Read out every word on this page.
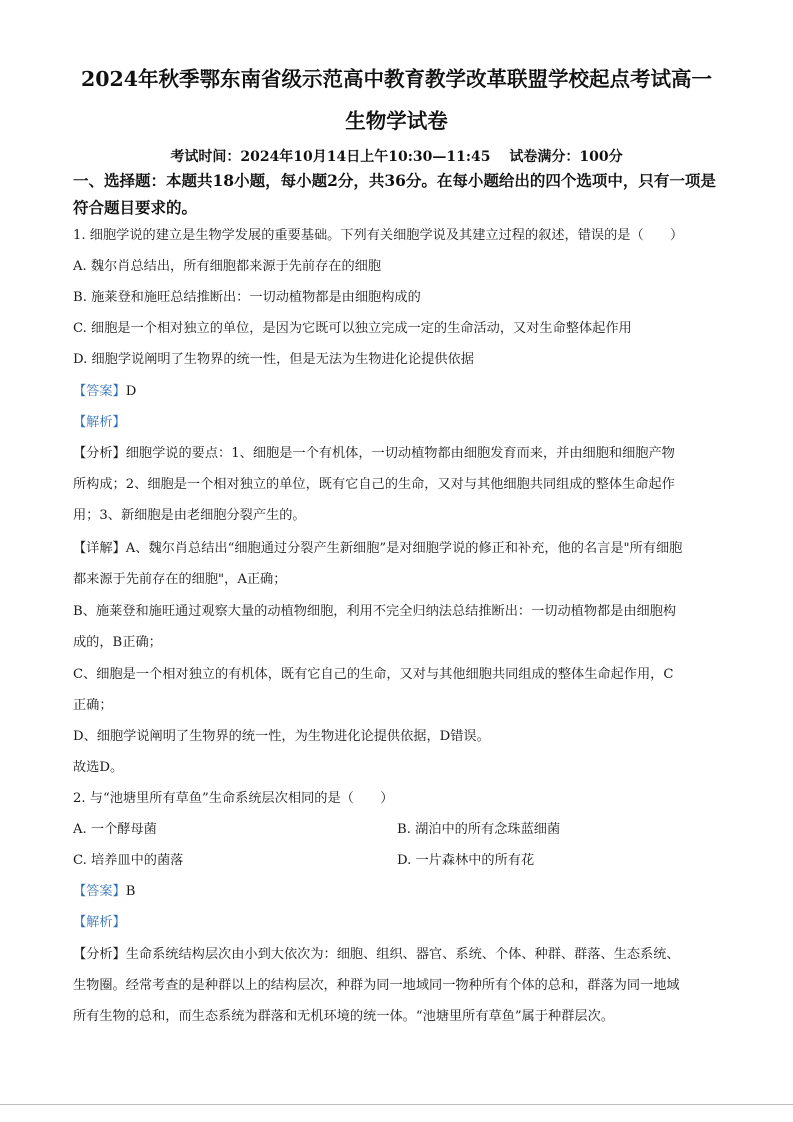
2024年秋季鄂东南省级示范高中教育教学改革联盟学校起点考试高一
生物学试卷
考试时间：2024年10月14日上午10:30—11:45　 试卷满分：100分
一、选择题：本题共18小题，每小题2分，共36分。在每小题给出的四个选项中，只有一项是符合题目要求的。
1. 细胞学说的建立是生物学发展的重要基础。下列有关细胞学说及其建立过程的叙述，错误的是（　　）
A. 魏尔肖总结出，所有细胞都来源于先前存在的细胞
B. 施莱登和施旺总结推断出：一切动植物都是由细胞构成的
C. 细胞是一个相对独立的单位，是因为它既可以独立完成一定的生命活动，又对生命整体起作用
D. 细胞学说阐明了生物界的统一性，但是无法为生物进化论提供依据
【答案】D
【解析】
【分析】细胞学说的要点：1、细胞是一个有机体，一切动植物都由细胞发育而来，并由细胞和细胞产物
所构成；2、细胞是一个相对独立的单位，既有它自己的生命，又对与其他细胞共同组成的整体生命起作
用；3、新细胞是由老细胞分裂产生的。
【详解】A、魏尔肖总结出“细胞通过分裂产生新细胞”是对细胞学说的修正和补充，他的名言是"所有细胞
都来源于先前存在的细胞"，A正确；
B、施莱登和施旺通过观察大量的动植物细胞，利用不完全归纳法总结推断出：一切动植物都是由细胞构
成的，B正确；
C、细胞是一个相对独立的有机体，既有它自己的生命，又对与其他细胞共同组成的整体生命起作用，C
正确；
D、细胞学说阐明了生物界的统一性，为生物进化论提供依据，D错误。
故选D。
2. 与“池塘里所有草鱼”生命系统层次相同的是（　　）
A. 一个酵母菌	B. 湖泊中的所有念珠蓝细菌
C. 培养皿中的菌落	D. 一片森林中的所有花
【答案】B
【解析】
【分析】生命系统结构层次由小到大依次为：细胞、组织、器官、系统、个体、种群、群落、生态系统、
生物圈。经常考查的是种群以上的结构层次，种群为同一地域同一物种所有个体的总和，群落为同一地域
所有生物的总和，而生态系统为群落和无机环境的统一体。“池塘里所有草鱼”属于种群层次。
